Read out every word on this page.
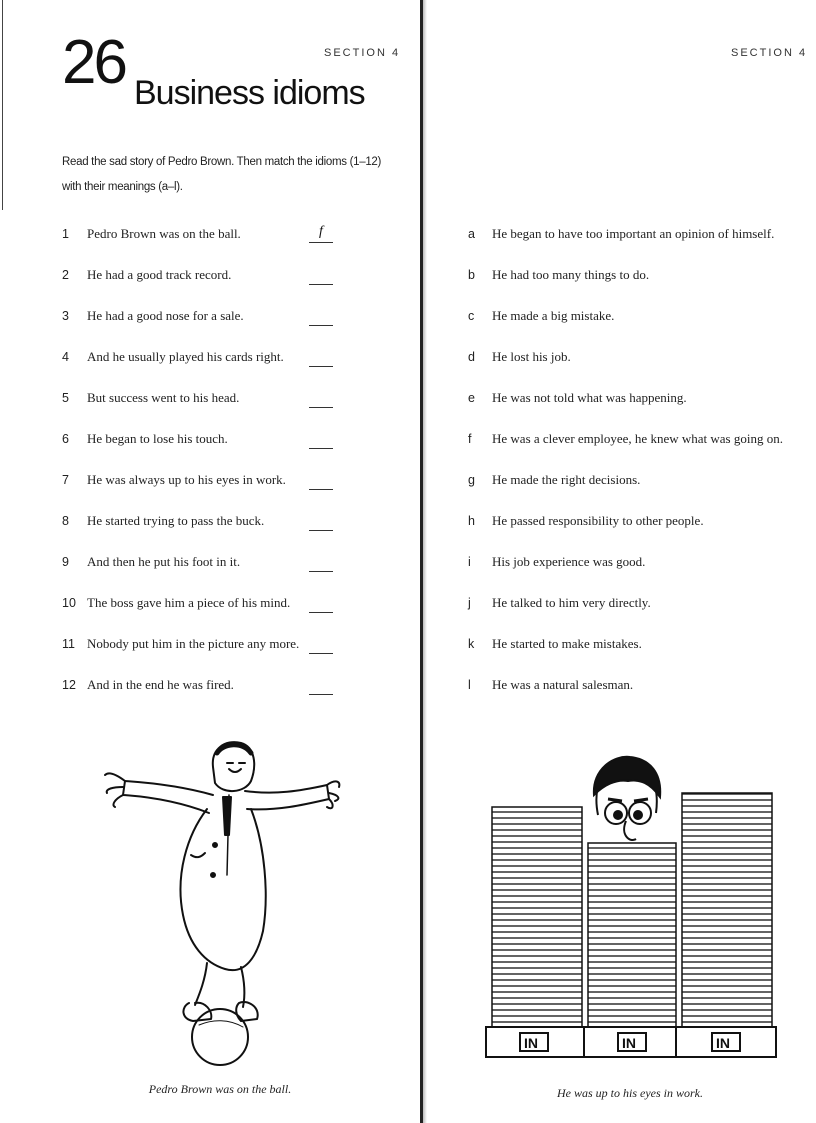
SECTION 4	SECTION 4
26 Business idioms
Read the sad story of Pedro Brown. Then match the idioms (1–12) with their meanings (a–l).
1	Pedro Brown was on the ball.	f
2	He had a good track record.
3	He had a good nose for a sale.
4	And he usually played his cards right.
5	But success went to his head.
6	He began to lose his touch.
7	He was always up to his eyes in work.
8	He started trying to pass the buck.
9	And then he put his foot in it.
10 The boss gave him a piece of his mind.
11 Nobody put him in the picture any more.
12 And in the end he was fired.
a	He began to have too important an opinion of himself.
b	He had too many things to do.
c	He made a big mistake.
d	He lost his job.
e	He was not told what was happening.
f	He was a clever employee, he knew what was going on.
g	He made the right decisions.
h	He passed responsibility to other people.
i	His job experience was good.
j	He talked to him very directly.
k	He started to make mistakes.
l	He was a natural salesman.
Pedro Brown was on the ball.
IN	IN	IN
He was up to his eyes in work.
